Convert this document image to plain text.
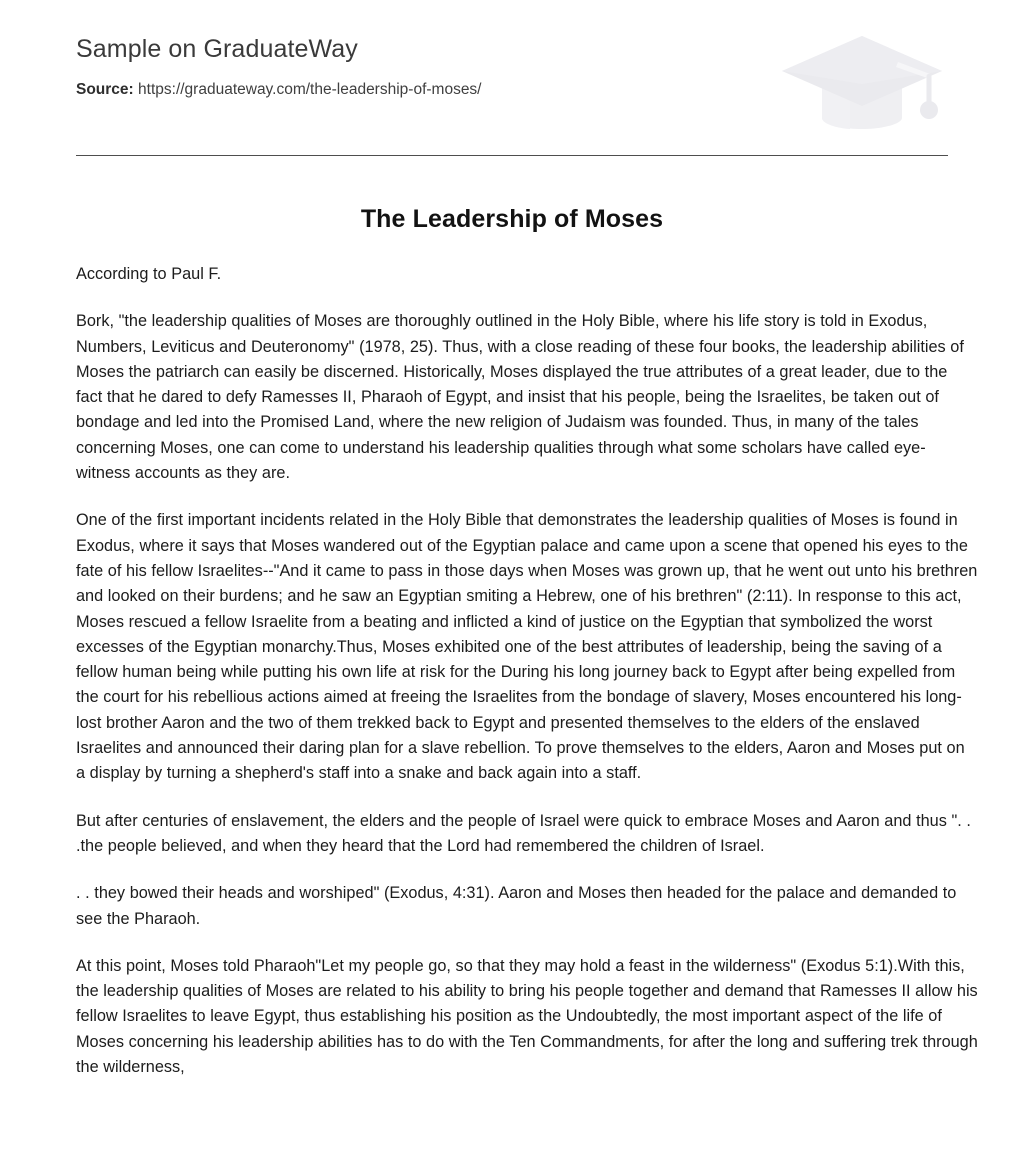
Sample on GraduateWay
Source: https://graduateway.com/the-leadership-of-moses/
The Leadership of Moses

According to Paul F.

Bork, "the leadership qualities of Moses are thoroughly outlined in the Holy Bible, where his life story is told in Exodus, Numbers, Leviticus and Deuteronomy" (1978, 25). Thus, with a close reading of these four books, the leadership abilities of Moses the patriarch can easily be discerned. Historically, Moses displayed the true attributes of a great leader, due to the fact that he dared to defy Ramesses II, Pharaoh of Egypt, and insist that his people, being the Israelites, be taken out of bondage and led into the Promised Land, where the new religion of Judaism was founded. Thus, in many of the tales concerning Moses, one can come to understand his leadership qualities through what some scholars have called eye-witness accounts as they are.

One of the first important incidents related in the Holy Bible that demonstrates the leadership qualities of Moses is found in Exodus, where it says that Moses wandered out of the Egyptian palace and came upon a scene that opened his eyes to the fate of his fellow Israelites--"And it came to pass in those days when Moses was grown up, that he went out unto his brethren and looked on their burdens; and he saw an Egyptian smiting a Hebrew, one of his brethren" (2:11). In response to this act, Moses rescued a fellow Israelite from a beating and inflicted a kind of justice on the Egyptian that symbolized the worst excesses of the Egyptian monarchy.Thus, Moses exhibited one of the best attributes of leadership, being the saving of a fellow human being while putting his own life at risk for the During his long journey back to Egypt after being expelled from the court for his rebellious actions aimed at freeing the Israelites from the bondage of slavery, Moses encountered his long-lost brother Aaron and the two of them trekked back to Egypt and presented themselves to the elders of the enslaved Israelites and announced their daring plan for a slave rebellion. To prove themselves to the elders, Aaron and Moses put on a display by turning a shepherd's staff into a snake and back again into a staff.

But after centuries of enslavement, the elders and the people of Israel were quick to embrace Moses and Aaron and thus ". . .the people believed, and when they heard that the Lord had remembered the children of Israel.

. . they bowed their heads and worshiped" (Exodus, 4:31). Aaron and Moses then headed for the palace and demanded to see the Pharaoh.

At this point, Moses told Pharaoh"Let my people go, so that they may hold a feast in the wilderness" (Exodus 5:1).With this, the leadership qualities of Moses are related to his ability to bring his people together and demand that Ramesses II allow his fellow Israelites to leave Egypt, thus establishing his position as the Undoubtedly, the most important aspect of the life of Moses concerning his leadership abilities has to do with the Ten Commandments, for after the long and suffering trek through the wilderness,
